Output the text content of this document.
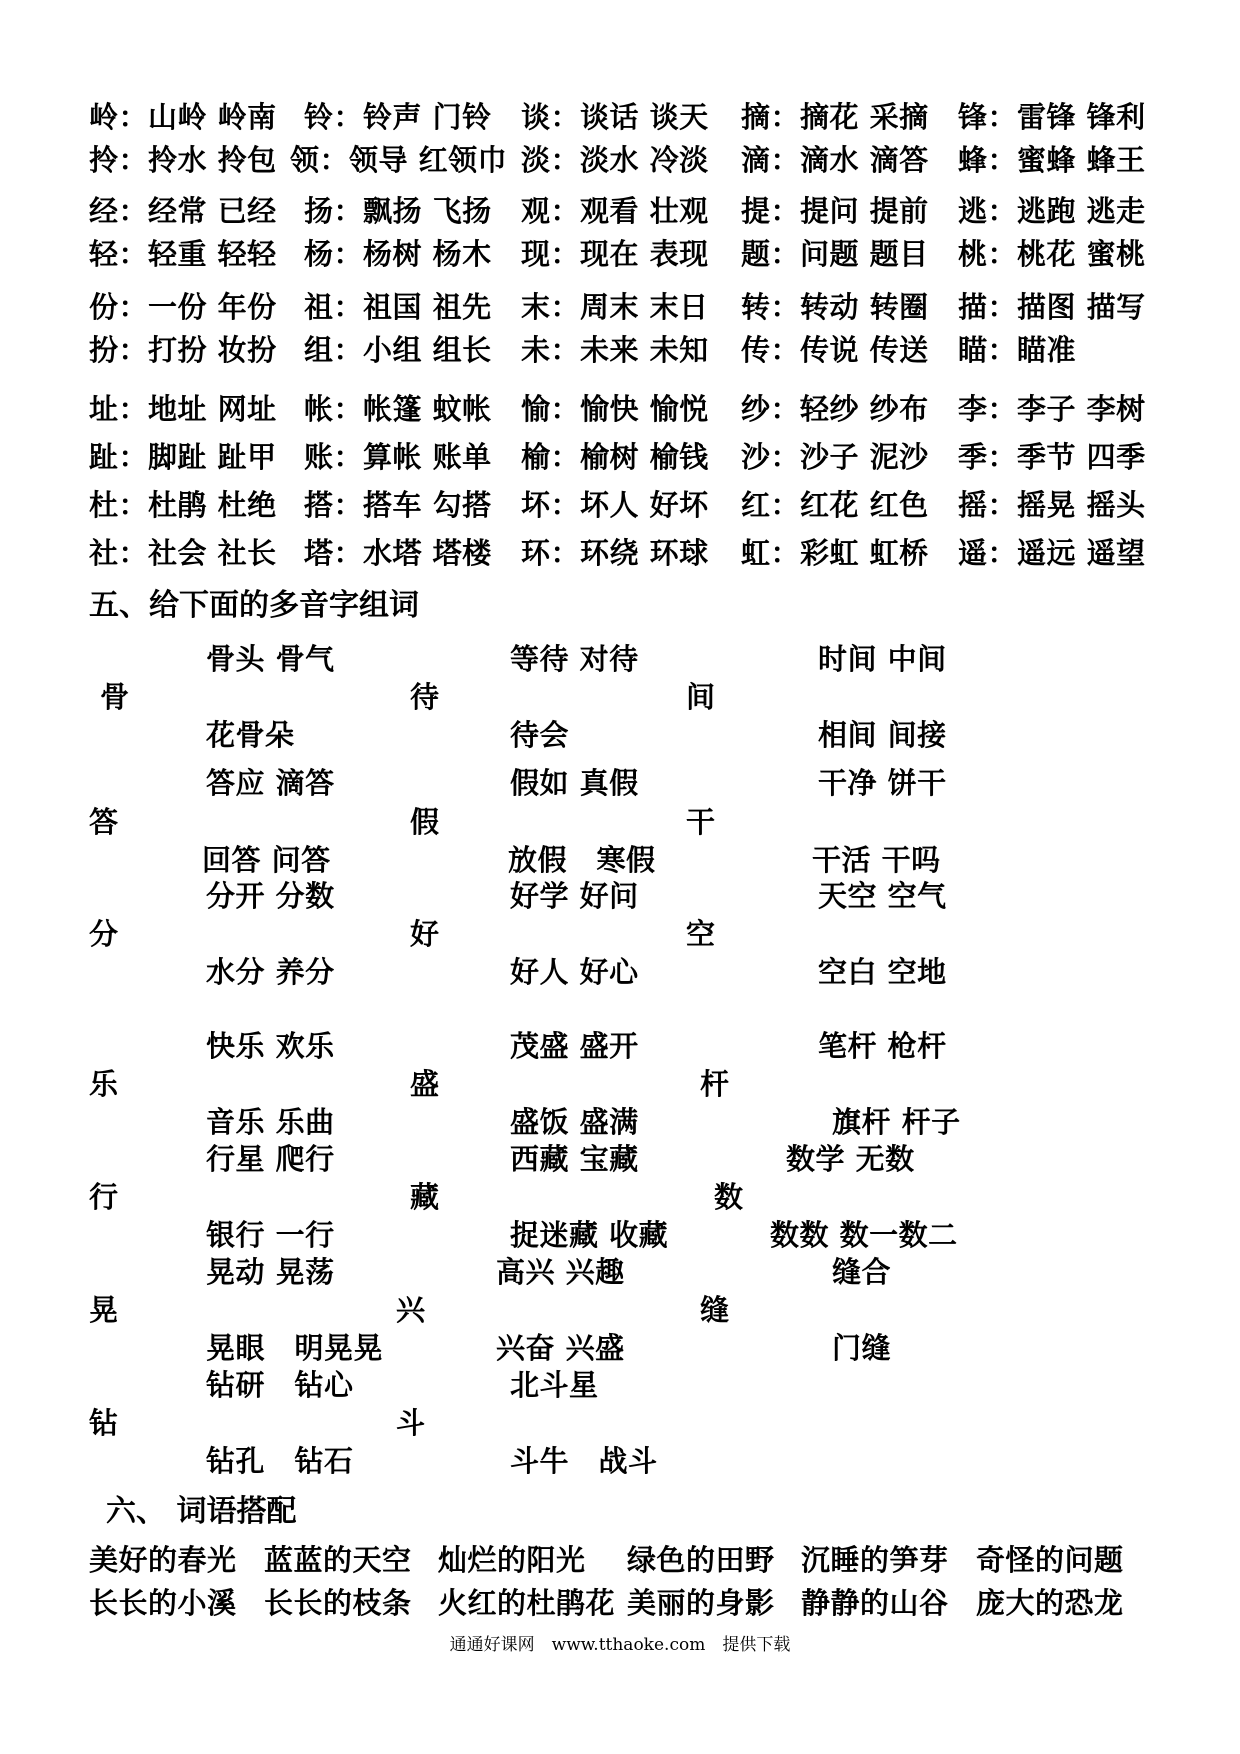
岭：山岭 岭南 铃：铃声 门铃 谈：谈话 谈天 摘：摘花 采摘 锋：雷锋 锋利
拎：拎水 拎包 领：领导 红领巾 淡：淡水 冷淡 滴：滴水 滴答 蜂：蜜蜂 蜂王
经：经常 已经 扬：飘扬 飞扬 观：观看 壮观 提：提问 提前 逃：逃跑 逃走
轻：轻重 轻轻 杨：杨树 杨木 现：现在 表现 题：问题 题目 桃：桃花 蜜桃
份：一份 年份 祖：祖国 祖先 末：周末 末日 转：转动 转圈 描：描图 描写
扮：打扮 妆扮 组：小组 组长 未：未来 未知 传：传说 传送 瞄：瞄准
址：地址 网址 帐：帐篷 蚊帐 愉：愉快 愉悦 纱：轻纱 纱布 李：李子 李树
趾：脚趾 趾甲 账：算帐 账单 榆：榆树 榆钱 沙：沙子 泥沙 季：季节 四季
杜：杜鹃 杜绝 搭：搭车 勾搭 坏：坏人 好坏 红：红花 红色 摇：摇晃 摇头
社：社会 社长 塔：水塔 塔楼 环：环绕 环球 虹：彩虹 虹桥 遥：遥远 遥望
五、给下面的多音字组词
骨头 骨气
骨
花骨朵
等待 对待
待
待会
时间 中间
间
相间 间接
答应 滴答
答
回答 问答
假如 真假
假
放假　寒假
干净 饼干
干
干活 干吗
分开 分数
分
水分 养分
好学 好问
好
好人 好心
天空 空气
空
空白 空地
快乐 欢乐
乐
音乐 乐曲
茂盛 盛开
盛
盛饭 盛满
笔杆 枪杆
杆
旗杆 杆子
行星 爬行
行
银行 一行
西藏 宝藏
藏
捉迷藏 收藏
数学 无数
数
数数 数一数二
晃动 晃荡
晃
晃眼　明晃晃
高兴 兴趣
兴
兴奋 兴盛
缝合
缝
门缝
钻研　钻心
钻
钻孔　钻石
北斗星
斗
斗牛　战斗
六、 词语搭配
美好的春光 蓝蓝的天空 灿烂的阳光 绿色的田野 沉睡的笋芽 奇怪的问题
长长的小溪 长长的枝条 火红的杜鹃花 美丽的身影 静静的山谷 庞大的恐龙
通通好课网　www.tthaoke.com　提供下载
